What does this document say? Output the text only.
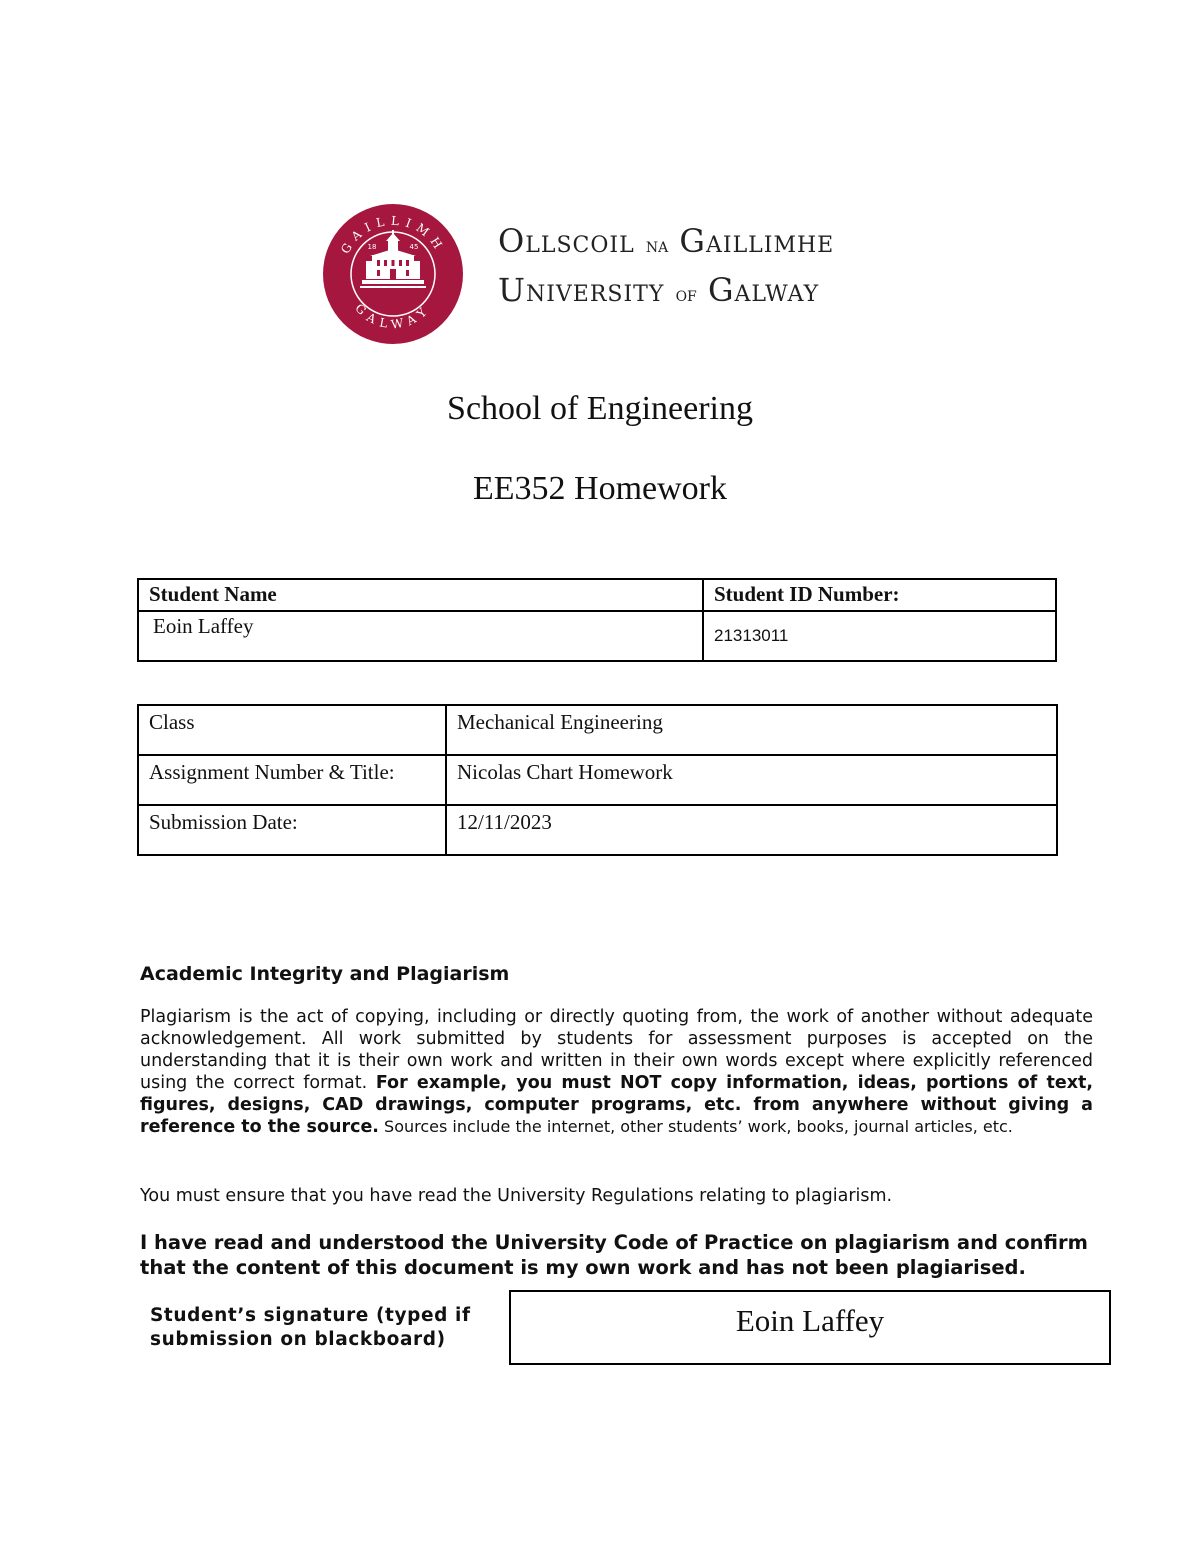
GAILLIMH
GALWAY
18	45 Ollscoil na Gaillimhe
University of Galway
School of Engineering
EE352 Homework
Student Name	Student ID Number:
Eoin Laffey	21313011
Class	Mechanical Engineering
Assignment Number & Title:	Nicolas Chart Homework
Submission Date:	12/11/2023
Academic Integrity and Plagiarism
Plagiarism is the act of copying, including or directly quoting from, the work of another without adequate acknowledgement. All work submitted by students for assessment purposes is accepted on the understanding that it is their own work and written in their own words except where explicitly referenced using the correct format. For example, you must NOT copy information, ideas, portions of text, figures, designs, CAD drawings, computer programs, etc. from anywhere without giving a reference to the source. Sources include the internet, other students’ work, books, journal articles, etc.
You must ensure that you have read the University Regulations relating to plagiarism.
I have read and understood the University Code of Practice on plagiarism and confirm that the content of this document is my own work and has not been plagiarised.
Student’s signature (typed if submission on blackboard)
Eoin Laffey
